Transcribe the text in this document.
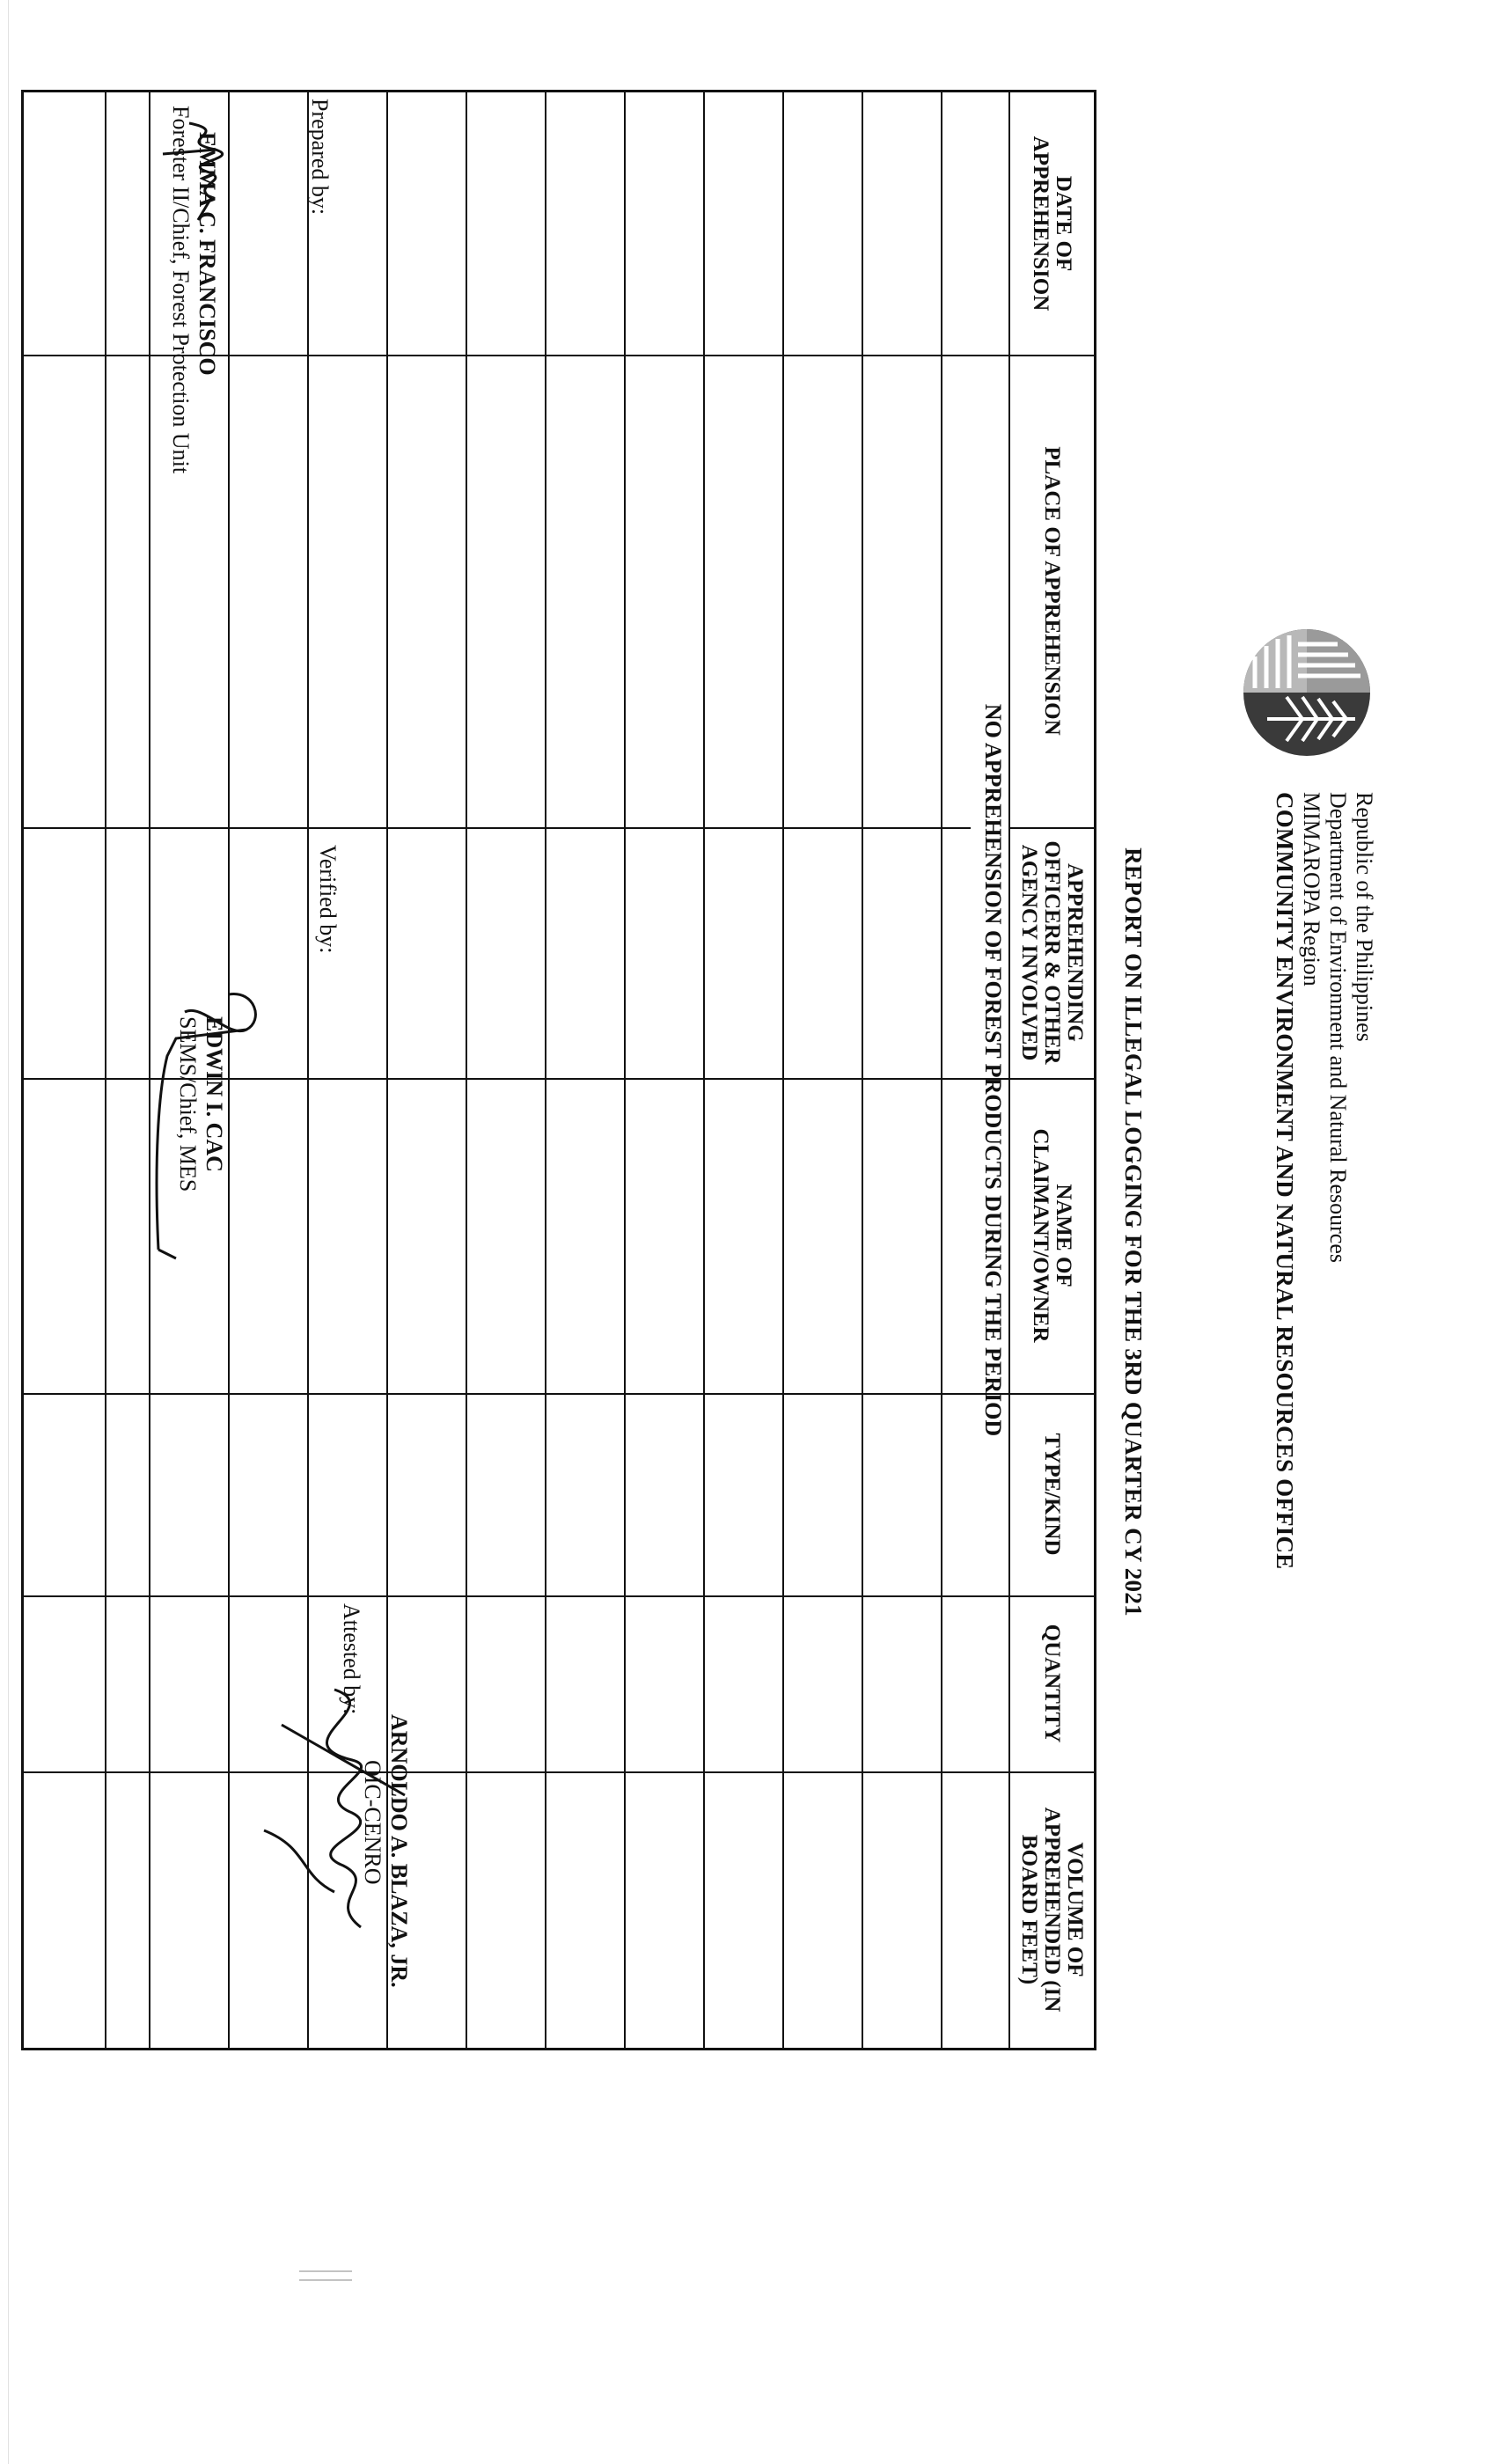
Republic of the Philippines
Department of Environment and Natural Resources
MIMAROPA Region
COMMUNITY ENVIRONMENT AND NATURAL RESOURCES OFFICE
REPORT ON ILLEGAL LOGGING FOR THE 3RD QUARTER CY 2021
DATE OF APPREHENSION
PLACE OF APPREHENSION
APPREHENDING OFFICERR & OTHER AGENCY INVOLVED
NAME OF CLAIMANT/OWNER
TYPE/KIND
QUANTITY
VOLUME OF APPREHENDED (IN BOARD FEET)
NO APPREHENSION OF FOREST PRODUCTS DURING THE PERIOD
Prepared by:
EMMA C. FRANCISCO
Forester II/Chief, Forest Protection Unit
Verified by:
EDWIN I. CAC
SEMS/Chief, MES
Attested by:
ARNOLDO A. BLAZA, JR.
OIC-CENRO
